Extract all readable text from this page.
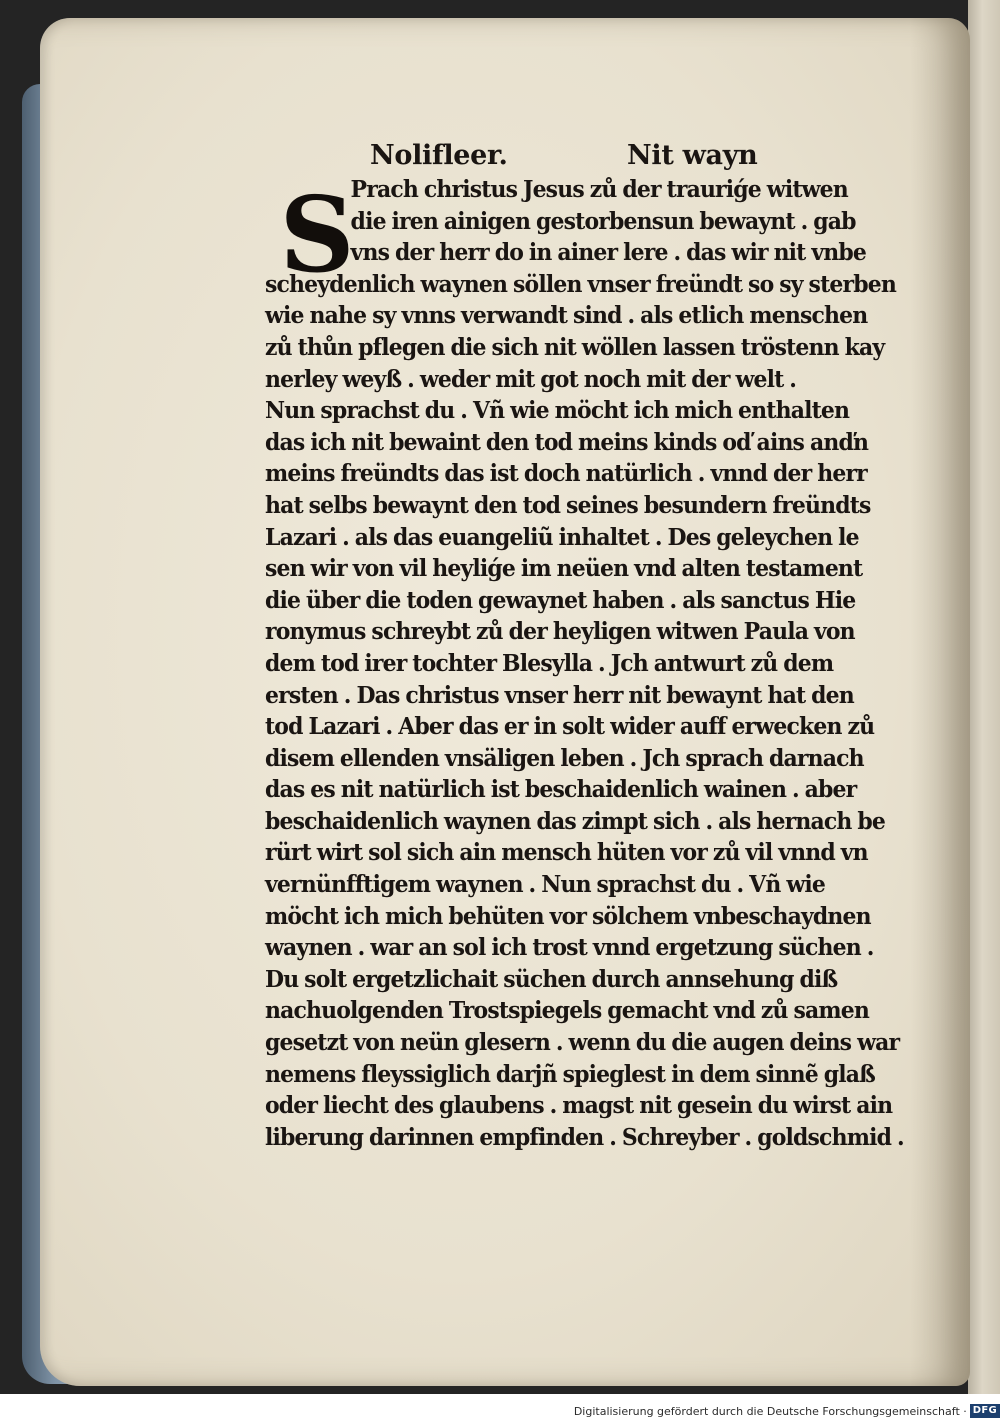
Nolifleer.	Nit wayn
S
Prach christus Jesus zů der trauriǵe witwen
die iren ainigen gestorbensun bewaynt . gab
vns der herr do in ainer lere . das wir nit vnbe
scheydenlich waynen söllen vnser freündt so sy sterben
wie nahe sy vnns verwandt sind . als etlich menschen
zů thůn pflegen die sich nit wöllen lassen tröstenn kay
nerley weyß . weder mit got noch mit der welt .
Nun sprachst du . Vñ wie möcht ich mich enthalten
das ich nit bewaint den tod meins kinds oď ains anďn
meins freündts das ist doch natürlich . vnnd der herr
hat selbs bewaynt den tod seines besundern freündts
Lazari . als das euangeliũ inhaltet . Des geleychen le
sen wir von vil heyliǵe im neüen vnd alten testament
die über die toden gewaynet haben . als sanctus Hie
ronymus schreybt zů der heyligen witwen Paula von
dem tod irer tochter Blesylla . Jch antwurt zů dem
ersten . Das christus vnser herr nit bewaynt hat den
tod Lazari . Aber das er in solt wider auff erwecken zů
disem ellenden vnsäligen leben . Jch sprach darnach
das es nit natürlich ist beschaidenlich wainen . aber
beschaidenlich waynen das zimpt sich . als hernach be
rürt wirt sol sich ain mensch hüten vor zů vil vnnd vn
vernünfftigem waynen . Nun sprachst du . Vñ wie
möcht ich mich behüten vor sölchem vnbeschaydnen
waynen . war an sol ich trost vnnd ergetzung süchen .
Du solt ergetzlichait süchen durch annsehung diß
nachuolgenden Trostspiegels gemacht vnd zů samen
gesetzt von neün glesern . wenn du die augen deins war
nemens fleyssiglich darjñ spieglest in dem sinnẽ glaß
oder liecht des glaubens . magst nit gesein du wirst ain
liberung darinnen empfinden . Schreyber . goldschmid .
Digitalisierung gefördert durch die Deutsche Forschungsgemeinschaft · DFG
